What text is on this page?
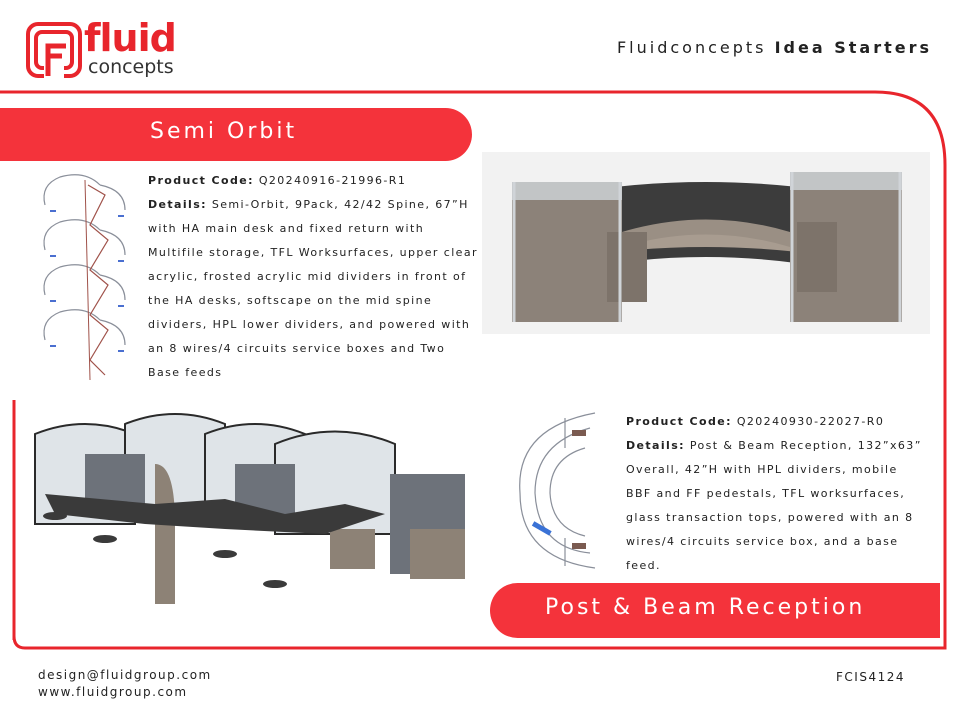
fluid
concepts
Fluidconcepts Idea Starters
Semi Orbit
Product Code: Q20240916-21996-R1
Details: Semi-Orbit, 9Pack, 42/42 Spine, 67”H with HA main desk and fixed return with Multifile storage, TFL Worksurfaces, upper clear acrylic, frosted acrylic mid dividers in front of the HA desks, softscape on the mid spine dividers, HPL lower dividers, and powered with an 8 wires/4 circuits service boxes and Two Base feeds
Product Code: Q20240930-22027-R0
Details: Post & Beam Reception, 132”x63” Overall, 42”H with HPL dividers, mobile BBF and FF pedestals, TFL worksurfaces, glass transaction tops, powered with an 8 wires/4 circuits service box, and a base feed.
Post & Beam Reception
design@fluidgroup.com
www.fluidgroup.com
FCIS4124
